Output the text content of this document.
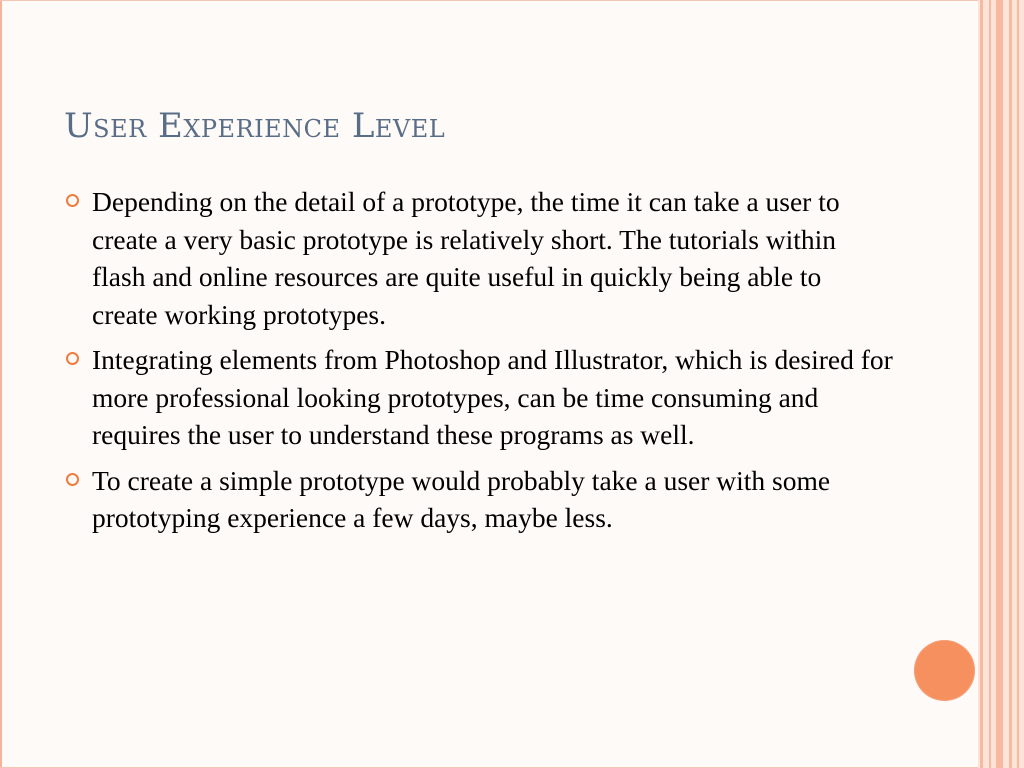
User Experience Level
Depending on the detail of a prototype, the time it can take a user to create a very basic prototype is relatively short. The tutorials within flash and online resources are quite useful in quickly being able to create working prototypes.
Integrating elements from Photoshop and Illustrator, which is desired for more professional looking prototypes, can be time consuming and requires the user to understand these programs as well.
To create a simple prototype would probably take a user with some prototyping experience a few days, maybe less.
